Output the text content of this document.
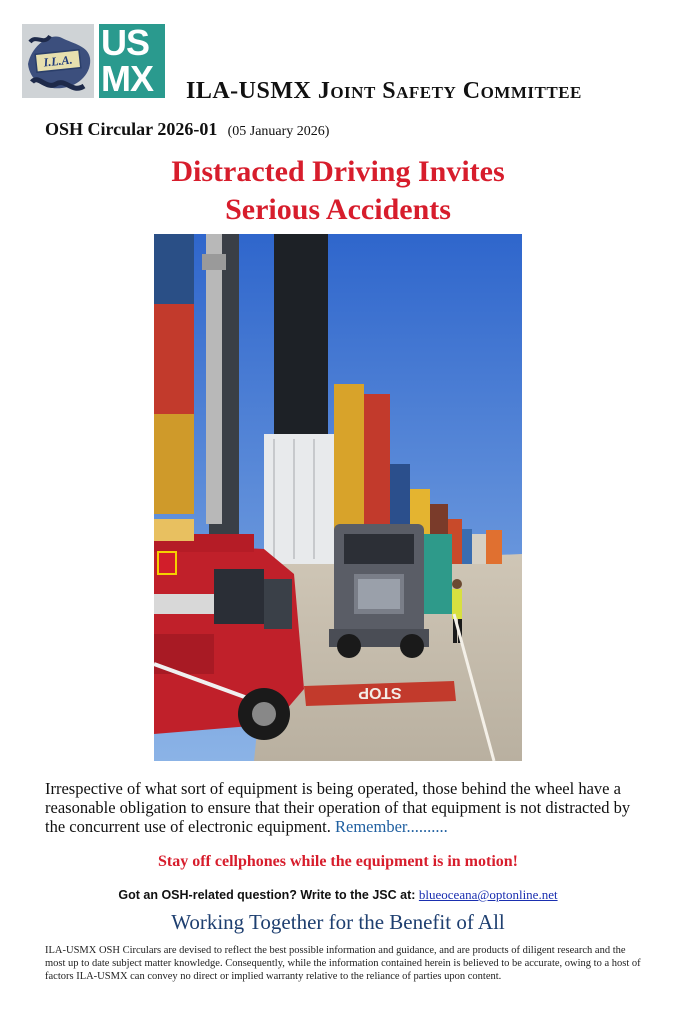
I.L.A. US
MX	ILA-USMX Joint Safety Committee
OSH Circular 2026-01 (05 January 2026)
Distracted Driving Invites
Serious Accidents
STOP
Irrespective of what sort of equipment is being operated, those behind the wheel have a reasonable obligation to ensure that their operation of that equipment is not distracted by the concurrent use of electronic equipment. Remember..........
Stay off cellphones while the equipment is in motion!
Got an OSH-related question? Write to the JSC at: blueoceana@optonline.net
Working Together for the Benefit of All
ILA-USMX OSH Circulars are devised to reflect the best possible information and guidance, and are products of diligent research and the most up to date subject matter knowledge. Consequently, while the information contained herein is believed to be accurate, owing to a host of factors ILA-USMX can convey no direct or implied warranty relative to the reliance of parties upon content.
